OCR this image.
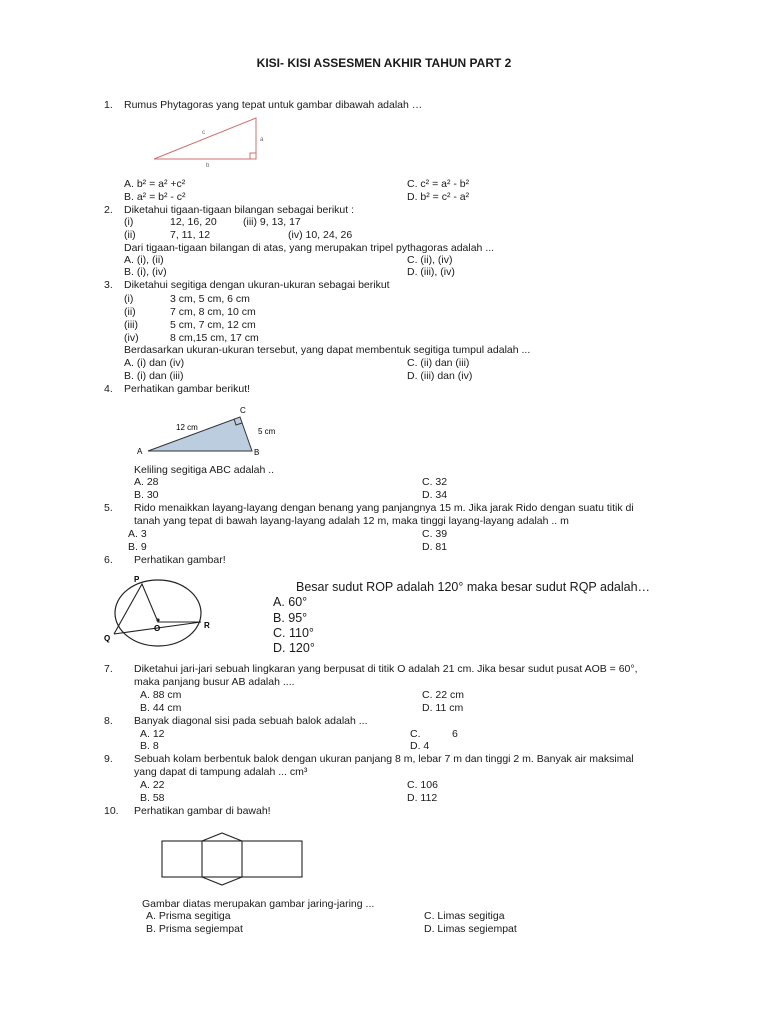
KISI- KISI ASSESMEN AKHIR TAHUN PART 2
1. Rumus Phytagoras yang tepat untuk gambar dibawah adalah …
c
a
b
A. b² = a² +c²	C. c² = a² - b²
B. a² = b² - c²	D. b² = c² - a²
2. Diketahui tigaan-tigaan bilangan sebagai berikut :
(i)	12, 16, 20	(iii) 9, 13, 17
(ii)	7, 11, 12	(iv) 10, 24, 26
Dari tigaan-tigaan bilangan di atas, yang merupakan tripel pythagoras adalah ...
A. (i), (ii)	C. (ii), (iv)
B. (i), (iv)	D. (iii), (iv)
3. Diketahui segitiga dengan ukuran-ukuran sebagai berikut
(i)	3 cm, 5 cm, 6 cm
(ii)	7 cm, 8 cm, 10 cm
(iii)	5 cm, 7 cm, 12 cm
(iv)	8 cm,15 cm, 17 cm
Berdasarkan ukuran-ukuran tersebut, yang dapat membentuk segitiga tumpul adalah ...
A. (i) dan (iv)	C. (ii) dan (iii)
B. (i) dan (iii)	D. (iii) dan (iv)
4. Perhatikan gambar berikut!
12 cm	5 cm
A	B
C
Keliling segitiga ABC adalah ..
A. 28	C. 32
B. 30	D. 34
5. Rido menaikkan layang-layang dengan benang yang panjangnya 15 m. Jika jarak Rido dengan suatu titik di
tanah yang tepat di bawah layang-layang adalah 12 m, maka tinggi layang-layang adalah .. m
A. 3	C. 39
B. 9	D. 81
6. Perhatikan gambar!
P
Q
R
O
Besar sudut ROP adalah 120° maka besar sudut RQP adalah…
A. 60°
B. 95°
C. 110°
D. 120°
7. Diketahui jari-jari sebuah lingkaran yang berpusat di titik O adalah 21 cm. Jika besar sudut pusat AOB = 60°,
maka panjang busur AB adalah ....
A. 88 cm	C. 22 cm
B. 44 cm	D. 11 cm
8. Banyak diagonal sisi pada sebuah balok adalah ...
A. 12	C.	6
B. 8	D. 4
9. Sebuah kolam berbentuk balok dengan ukuran panjang 8 m, lebar 7 m dan tinggi 2 m. Banyak air maksimal
yang dapat di tampung adalah ... cm³
A. 22	C. 106
B. 58	D. 112
10. Perhatikan gambar di bawah!
Gambar diatas merupakan gambar jaring-jaring ...
A. Prisma segitiga	C. Limas segitiga
B. Prisma segiempat	D. Limas segiempat
